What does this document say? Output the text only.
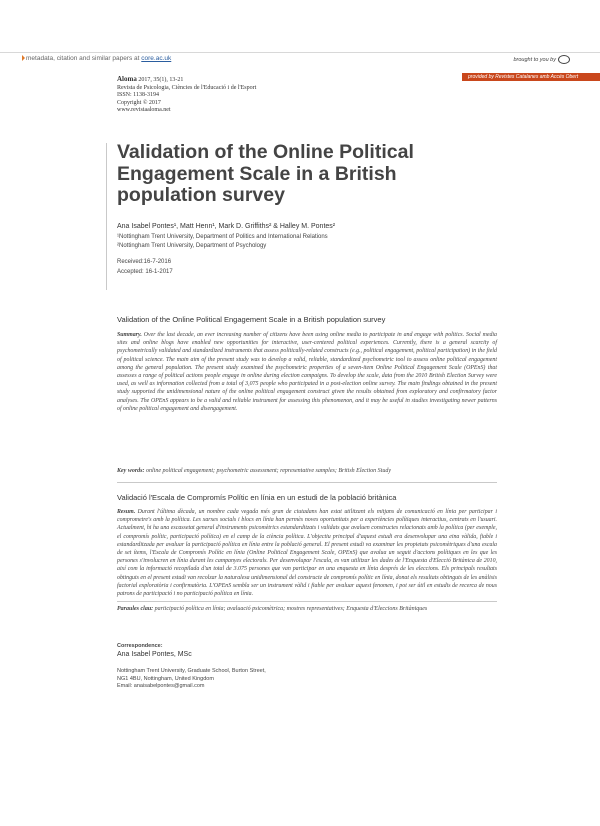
metadata, citation and similar papers at core.ac.uk	brought to you by
provided by Revistes Catalanes amb Accés Obert
Aloma 2017, 35(1), 13-21
Revista de Psicologia, Ciències de l'Educació i de l'Esport
ISSN: 1138-3194
Copyright © 2017
www.revistaaloma.net
Validation of the Online Political Engagement Scale in a British population survey
Ana Isabel Pontes¹, Matt Henn¹, Mark D. Griffiths² & Halley M. Pontes²
¹Nottingham Trent University, Department of Politics and International Relations
²Nottingham Trent University, Department of Psychology
Received:16-7-2016
Accepted: 16-1-2017
Validation of the Online Political Engagement Scale in a British population survey
Summary. Over the last decade, an ever increasing number of citizens have been using online media to participate in and engage with politics. Social media sites and online blogs have enabled new opportunities for interactive, user-centered political experiences. Currently, there is a general scarcity of psychometrically validated and standardized instruments that assess politically-related constructs (e.g., political engagement, political participation) in the field of political science. The main aim of the present study was to develop a valid, reliable, standardized psychometric tool to assess online political engagement among the general population. The present study examined the psychometric properties of a seven-item Online Political Engagement Scale (OPEnS) that assesses a range of political actions people engage in online during election campaigns. To develop the scale, data from the 2010 British Election Survey were used, as well as information collected from a total of 3,075 people who participated in a post-election online survey. The main findings obtained in the present study supported the unidimensional nature of the online political engagement construct given the results obtained from exploratory and confirmatory factor analyses. The OPEnS appears to be a valid and reliable instrument for assessing this phenomenon, and it may be useful in studies investigating newer patterns of online political engagement and disengagement.
Key words: online political engagement; psychometric assessment; representative samples; British Election Study
Validació l'Escala de Compromís Polític en línia en un estudi de la població britànica
Resum. Durant l'última dècada, un nombre cada vegada més gran de ciutadans han estat utilitzant els mitjans de comunicació en línia per participar i comprometre's amb la política. Les xarxes socials i blocs en línia han permès noves oportunitats per a experiències polítiques interactius, centrats en l'usuari. Actualment, hi ha una escassetat general d'instruments psicomètrics estandarditzats i validats que avaluen constructes relacionats amb la política (per exemple, el compromís polític, participació política) en el camp de la ciència política. L'objectiu principal d'aquest estudi era desenvolupar una eina vàlida, fiable i estandarditzada per avaluar la participació política en línia entre la població general. El present estudi va examinar les propietats psicomètriques d'una escala de set ítems, l'Escala de Compromís Polític en línia (Online Political Engagement Scale, OPEnS) que avalua un seguit d'accions polítiques en les que les persones s'involucren en línia durant les campanyes electorals. Per desenvolupar l'escala, es van utilitzar les dades de l'Enquesta d'Elecció Britànica de 2010, així com la informació recopilada d'un total de 3.075 persones que van participar en una enquesta en línia després de les eleccions. Els principals resultats obtinguts en el present estudi van recolzar la naturalesa unidimensional del constructe de compromís polític en línia, donat els resultats obtinguts de les anàlisis factorial exploratòria i confirmatòria. L'OPEnS sembla ser un instrument vàlid i fiable per avaluar aquest fenomen, i pot ser útil en estudis de recerca de nous patrons de participació i no participació política en línia.
Paraules clau: participació política en línia; avaluació psicomètrica; mostres representatives; Enquesta d'Eleccions Britàniques
Correspondence:
Ana Isabel Pontes, MSc
Nottingham Trent University, Graduate School, Burton Street,
NG1 4BU, Nottingham, United Kingdom
Email: anaisabelpontes@gmail.com
